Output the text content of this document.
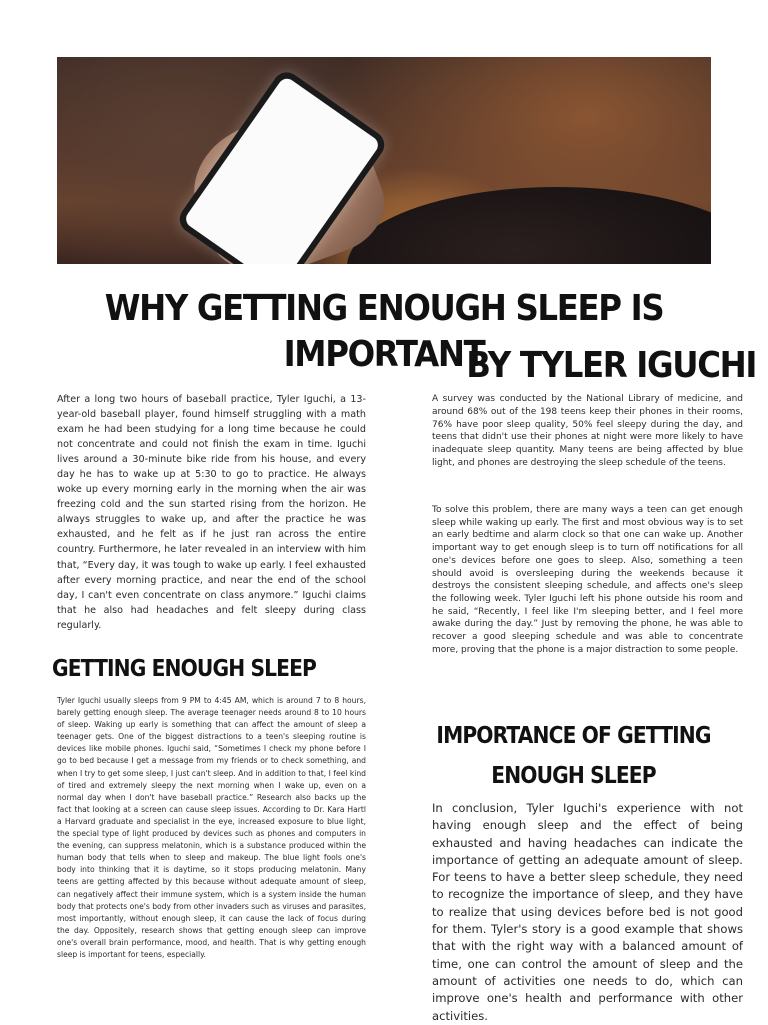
WHY GETTING ENOUGH SLEEP IS IMPORTANT
BY TYLER IGUCHI

After a long two hours of baseball practice, Tyler Iguchi, a 13-year-old baseball player, found himself struggling with a math exam he had been studying for a long time because he could not concentrate and could not finish the exam in time. Iguchi lives around a 30-minute bike ride from his house, and every day he has to wake up at 5:30 to go to practice. He always woke up every morning early in the morning when the air was freezing cold and the sun started rising from the horizon. He always struggles to wake up, and after the practice he was exhausted, and he felt as if he just ran across the entire country. Furthermore, he later revealed in an interview with him that, “Every day, it was tough to wake up early. I feel exhausted after every morning practice, and near the end of the school day, I can't even concentrate on class anymore.” Iguchi claims that he also had headaches and felt sleepy during class regularly.

GETTING ENOUGH SLEEP

Tyler Iguchi usually sleeps from 9 PM to 4:45 AM, which is around 7 to 8 hours, barely getting enough sleep. The average teenager needs around 8 to 10 hours of sleep. Waking up early is something that can affect the amount of sleep a teenager gets. One of the biggest distractions to a teen's sleeping routine is devices like mobile phones. Iguchi said, “Sometimes I check my phone before I go to bed because I get a message from my friends or to check something, and when I try to get some sleep, I just can't sleep. And in addition to that, I feel kind of tired and extremely sleepy the next morning when I wake up, even on a normal day when I don't have baseball practice.” Research also backs up the fact that looking at a screen can cause sleep issues. According to Dr. Kara Hartl a Harvard graduate and specialist in the eye, increased exposure to blue light, the special type of light produced by devices such as phones and computers in the evening, can suppress melatonin, which is a substance produced within the human body that tells when to sleep and makeup. The blue light fools one's body into thinking that it is daytime, so it stops producing melatonin. Many teens are getting affected by this because without adequate amount of sleep, can negatively affect their immune system, which is a system inside the human body that protects one's body from other invaders such as viruses and parasites, most importantly, without enough sleep, it can cause the lack of focus during the day. Oppositely, research shows that getting enough sleep can improve one's overall brain performance, mood, and health. That is why getting enough sleep is important for teens, especially.

A survey was conducted by the National Library of medicine, and around 68% out of the 198 teens keep their phones in their rooms, 76% have poor sleep quality, 50% feel sleepy during the day, and teens that didn't use their phones at night were more likely to have inadequate sleep quantity. Many teens are being affected by blue light, and phones are destroying the sleep schedule of the teens.

To solve this problem, there are many ways a teen can get enough sleep while waking up early. The first and most obvious way is to set an early bedtime and alarm clock so that one can wake up. Another important way to get enough sleep is to turn off notifications for all one's devices before one goes to sleep. Also, something a teen should avoid is oversleeping during the weekends because it destroys the consistent sleeping schedule, and affects one's sleep the following week. Tyler Iguchi left his phone outside his room and he said, “Recently, I feel like I'm sleeping better, and I feel more awake during the day.” Just by removing the phone, he was able to recover a good sleeping schedule and was able to concentrate more, proving that the phone is a major distraction to some people.

IMPORTANCE OF GETTING ENOUGH SLEEP

In conclusion, Tyler Iguchi's experience with not having enough sleep and the effect of being exhausted and having headaches can indicate the importance of getting an adequate amount of sleep. For teens to have a better sleep schedule, they need to recognize the importance of sleep, and they have to realize that using devices before bed is not good for them. Tyler's story is a good example that shows that with the right way with a balanced amount of time, one can control the amount of sleep and the amount of activities one needs to do, which can improve one's health and performance with other activities.
